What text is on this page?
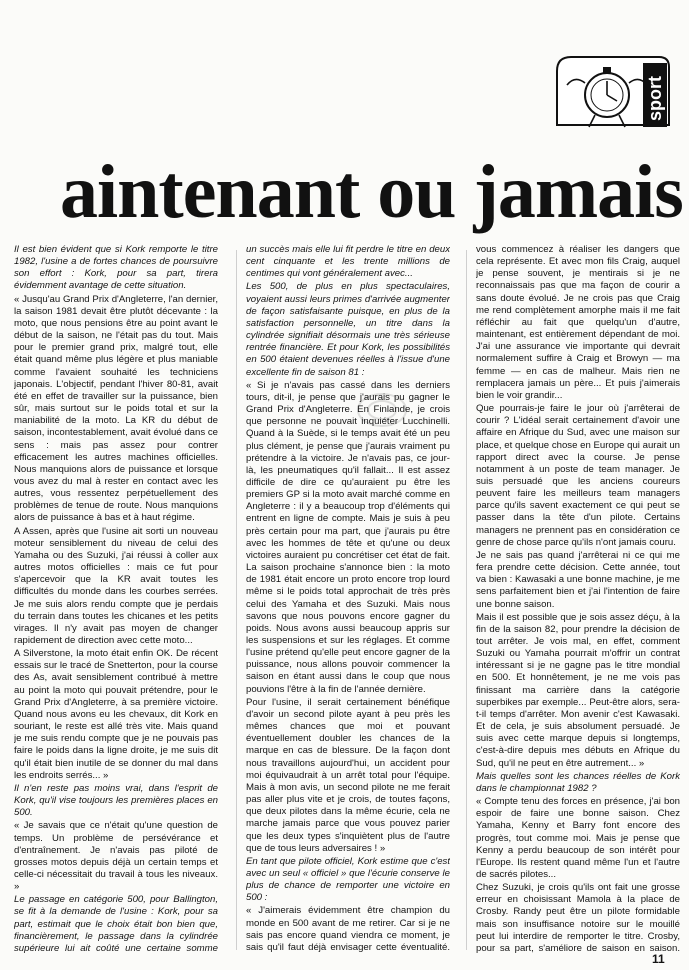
sport
aintenant ou jamais

Il est bien évident que si Kork remporte le titre 1982, l'usine a de fortes chances de poursuivre son effort : Kork, pour sa part, tirera évidemment avantage de cette situation.

« Jusqu'au Grand Prix d'Angleterre, l'an dernier, la saison 1981 devait être plutôt décevante : la moto, que nous pensions être au point avant le début de la saison, ne l'était pas du tout. Mais pour le premier grand prix, malgré tout, elle était quand même plus légère et plus maniable comme l'avaient souhaité les techniciens japonais. L'objectif, pendant l'hiver 80-81, avait été en effet de travailler sur la puissance, bien sûr, mais surtout sur le poids total et sur la maniabilité de la moto. La KR du début de saison, incontestablement, avait évolué dans ce sens : mais pas assez pour contrer efficacement les autres machines officielles. Nous manquions alors de puissance et lorsque vous avez du mal à rester en contact avec les autres, vous ressentez perpétuellement des problèmes de tenue de route. Nous manquions alors de puissance à bas et à haut régime.

A Assen, après que l'usine ait sorti un nouveau moteur sensiblement du niveau de celui des Yamaha ou des Suzuki, j'ai réussi à coller aux autres motos officielles : mais ce fut pour s'apercevoir que la KR avait toutes les difficultés du monde dans les courbes serrées. Je me suis alors rendu compte que je perdais du terrain dans toutes les chicanes et les petits virages. Il n'y avait pas moyen de changer rapidement de direction avec cette moto...

A Silverstone, la moto était enfin OK. De récent essais sur le tracé de Snetterton, pour la course des As, avait sensiblement contribué à mettre au point la moto qui pouvait prétendre, pour le Grand Prix d'Angleterre, à sa première victoire. Quand nous avons eu les chevaux, dit Kork en souriant, le reste est allé très vite. Mais quand je me suis rendu compte que je ne pouvais pas faire le poids dans la ligne droite, je me suis dit qu'il était bien inutile de se donner du mal dans les endroits serrés... »

Il n'en reste pas moins vrai, dans l'esprit de Kork, qu'il vise toujours les premières places en 500.

« Je savais que ce n'était qu'une question de temps. Un problème de persévérance et d'entraînement. Je n'avais pas piloté de grosses motos depuis déjà un certain temps et celle-ci nécessitait du travail à tous les niveaux. »

Le passage en catégorie 500, pour Ballington, se fit à la demande de l'usine : Kork, pour sa part, estimait que le choix était bon bien que, financièrement, le passage dans la cylindrée supérieure lui ait coûté une certaine somme

un succès mais elle lui fit perdre le titre en deux cent cinquante et les trente millions de centimes qui vont généralement avec...

Les 500, de plus en plus spectaculaires, voyaient aussi leurs primes d'arrivée augmenter de façon satisfaisante puisque, en plus de la satisfaction personnelle, un titre dans la cylindrée signifiait désormais une très sérieuse rentrée financière. Et pour Kork, les possibilités en 500 étaient devenues réelles à l'issue d'une excellente fin de saison 81 :

« Si je n'avais pas cassé dans les derniers tours, dit-il, je pense que j'aurais pu gagner le Grand Prix d'Angleterre. En Finlande, je crois que personne ne pouvait inquiéter Lucchinelli. Quand à la Suède, si le temps avait été un peu plus clément, je pense que j'aurais vraiment pu prétendre à la victoire. Je n'avais pas, ce jour-là, les pneumatiques qu'il fallait... Il est assez difficile de dire ce qu'auraient pu être les premiers GP si la moto avait marché comme en Angleterre : il y a beaucoup trop d'éléments qui entrent en ligne de compte. Mais je suis à peu près certain pour ma part, que j'aurais pu être avec les hommes de tête et qu'une ou deux victoires auraient pu concrétiser cet état de fait. La saison prochaine s'annonce bien : la moto de 1981 était encore un proto encore trop lourd même si le poids total approchait de très près celui des Yamaha et des Suzuki. Mais nous savons que nous pouvons encore gagner du poids. Nous avons aussi beaucoup appris sur les suspensions et sur les réglages. Et comme l'usine prétend qu'elle peut encore gagner de la puissance, nous allons pouvoir commencer la saison en étant aussi dans le coup que nous pouvions l'être à la fin de l'année dernière.

Pour l'usine, il serait certainement bénéfique d'avoir un second pilote ayant à peu près les mêmes chances que moi et pouvant éventuellement doubler les chances de la marque en cas de blessure. De la façon dont nous travaillons aujourd'hui, un accident pour moi équivaudrait à un arrêt total pour l'équipe. Mais à mon avis, un second pilote ne me ferait pas aller plus vite et je crois, de toutes façons, que deux pilotes dans la même écurie, cela ne marche jamais parce que vous pouvez parier que les deux types s'inquiètent plus de l'autre que de tous leurs adversaires ! »

En tant que pilote officiel, Kork estime que c'est avec un seul « officiel » que l'écurie conserve le plus de chance de remporter une victoire en 500 :

« J'aimerais évidemment être champion du monde en 500 avant de me retirer. Car si je ne sais pas encore quand viendra ce moment, je sais qu'il faut déjà envisager cette éventualité.

vous commencez à réaliser les dangers que cela représente. Et avec mon fils Craig, auquel je pense souvent, je mentirais si je ne reconnaissais pas que ma façon de courir a sans doute évolué. Je ne crois pas que Craig me rend complètement amorphe mais il me fait réfléchir au fait que quelqu'un d'autre, maintenant, est entièrement dépendant de moi. J'ai une assurance vie importante qui devrait normalement suffire à Craig et Browyn — ma femme — en cas de malheur. Mais rien ne remplacera jamais un père... Et puis j'aimerais bien le voir grandir...

Que pourrais-je faire le jour où j'arrêterai de courir ? L'idéal serait certainement d'avoir une affaire en Afrique du Sud, avec une maison sur place, et quelque chose en Europe qui aurait un rapport direct avec la course. Je pense notamment à un poste de team manager. Je suis persuadé que les anciens coureurs peuvent faire les meilleurs team managers parce qu'ils savent exactement ce qui peut se passer dans la tête d'un pilote. Certains managers ne prennent pas en considération ce genre de chose parce qu'ils n'ont jamais couru.

Je ne sais pas quand j'arrêterai ni ce qui me fera prendre cette décision. Cette année, tout va bien : Kawasaki a une bonne machine, je me sens parfaitement bien et j'ai l'intention de faire une bonne saison.

Mais il est possible que je sois assez déçu, à la fin de la saison 82, pour prendre la décision de tout arrêter. Je vois mal, en effet, comment Suzuki ou Yamaha pourrait m'offrir un contrat intéressant si je ne gagne pas le titre mondial en 500. Et honnêtement, je ne me vois pas finissant ma carrière dans la catégorie superbikes par exemple... Peut-être alors, sera-t-il temps d'arrêter. Mon avenir c'est Kawasaki. Et de cela, je suis absolument persuadé. Je suis avec cette marque depuis si longtemps, c'est-à-dire depuis mes débuts en Afrique du Sud, qu'il ne peut en être autrement... »

Mais quelles sont les chances réelles de Kork dans le championnat 1982 ?

« Compte tenu des forces en présence, j'ai bon espoir de faire une bonne saison. Chez Yamaha, Kenny et Barry font encore des progrès, tout comme moi. Mais je pense que Kenny a perdu beaucoup de son intérêt pour l'Europe. Ils restent quand même l'un et l'autre de sacrés pilotes...

Chez Suzuki, je crois qu'ils ont fait une grosse erreur en choisissant Mamola à la place de Crosby. Randy peut être un pilote formidable mais son insuffisance notoire sur le mouillé peut lui interdire de remporter le titre. Crosby, pour sa part, s'améliore de saison en saison.

11
